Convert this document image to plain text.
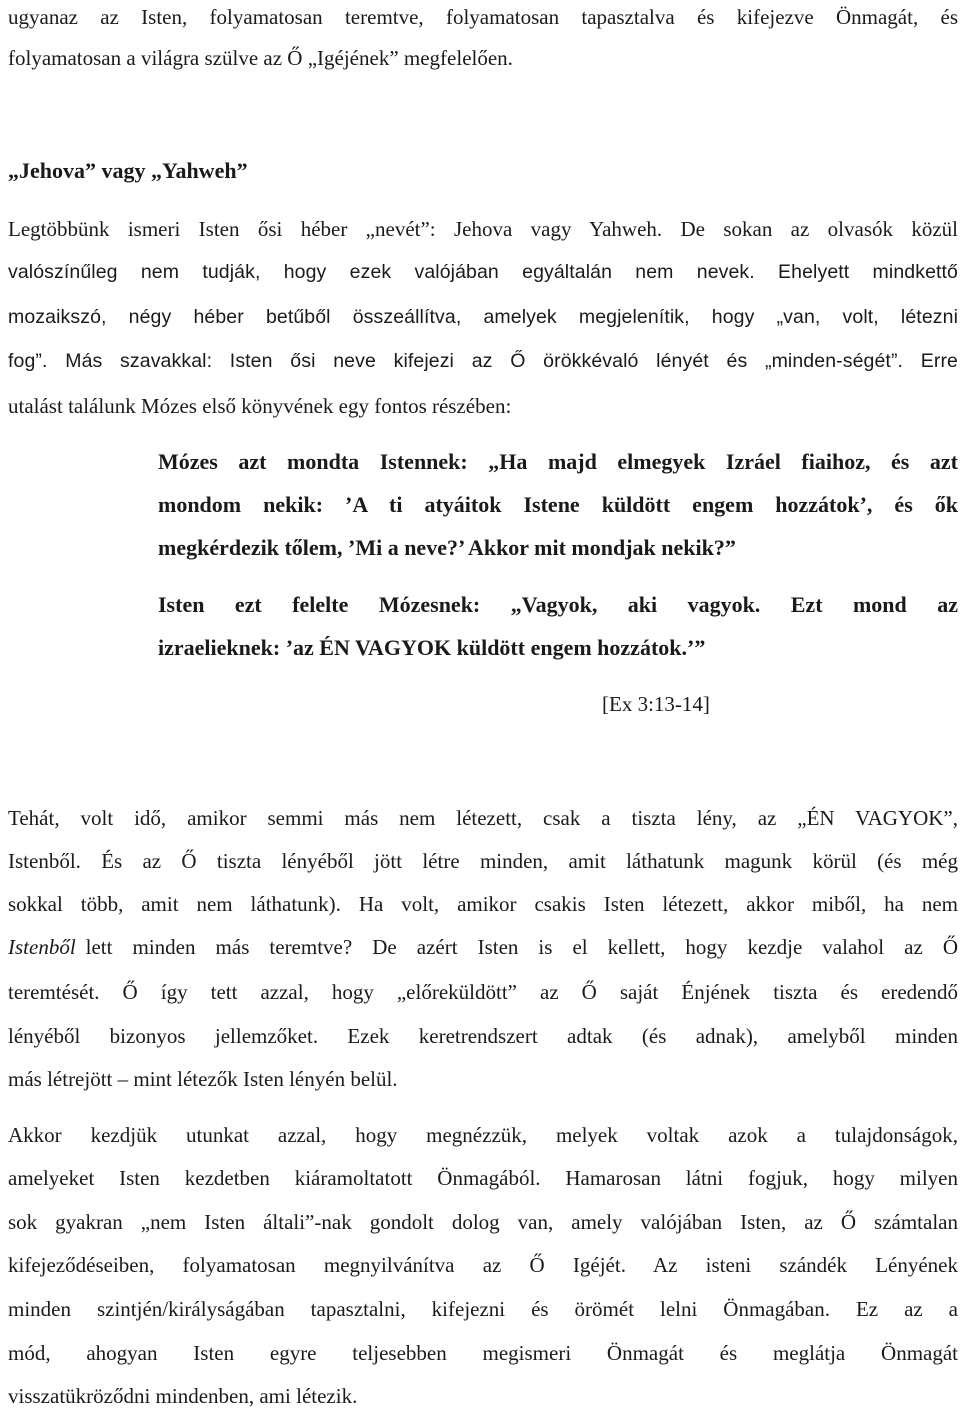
ugyanaz az Isten, folyamatosan teremtve, folyamatosan tapasztalva és kifejezve Önmagát, és
folyamatosan a világra szülve az Ő „Igéjének” megfelelően.
„Jehova” vagy „Yahweh”
Legtöbbünk ismeri Isten ősi héber „nevét”: Jehova vagy Yahweh. De sokan az olvasók közül
valószínűleg nem tudják, hogy ezek valójában egyáltalán nem nevek. Ehelyett mindkettő
mozaikszó, négy héber betűből összeállítva, amelyek megjelenítik, hogy „van, volt, létezni
fog”. Más szavakkal: Isten ősi neve kifejezi az Ő örökkévaló lényét és „minden-ségét”. Erre
utalást találunk Mózes első könyvének egy fontos részében:
Mózes azt mondta Istennek: „Ha majd elmegyek Izráel fiaihoz, és azt
mondom nekik: ’A ti atyáitok Istene küldött engem hozzátok’, és ők
megkérdezik tőlem, ’Mi a neve?’ Akkor mit mondjak nekik?”
Isten ezt felelte Mózesnek: „Vagyok, aki vagyok. Ezt mond az
izraelieknek: ’az ÉN VAGYOK küldött engem hozzátok.’”
[Ex 3:13-14]
Tehát, volt idő, amikor semmi más nem létezett, csak a tiszta lény, az „ÉN VAGYOK”,
Istenből. És az Ő tiszta lényéből jött létre minden, amit láthatunk magunk körül (és még
sokkal több, amit nem láthatunk). Ha volt, amikor csakis Isten létezett, akkor miből, ha nem
Istenből lett minden más teremtve? De azért Isten is el kellett, hogy kezdje valahol az Ő
teremtését. Ő így tett azzal, hogy „előreküldött” az Ő saját Énjének tiszta és eredendő
lényéből bizonyos jellemzőket. Ezek keretrendszert adtak (és adnak), amelyből minden
más létrejött – mint létezők Isten lényén belül.
Akkor kezdjük utunkat azzal, hogy megnézzük, melyek voltak azok a tulajdonságok,
amelyeket Isten kezdetben kiáramoltatott Önmagából. Hamarosan látni fogjuk, hogy milyen
sok gyakran „nem Isten általi”-nak gondolt dolog van, amely valójában Isten, az Ő számtalan
kifejeződéseiben, folyamatosan megnyilvánítva az Ő Igéjét. Az isteni szándék Lényének
minden szintjén/királyságában tapasztalni, kifejezni és örömét lelni Önmagában. Ez az a
mód, ahogyan Isten egyre teljesebben megismeri Önmagát és meglátja Önmagát
visszatükröződni mindenben, ami létezik.
